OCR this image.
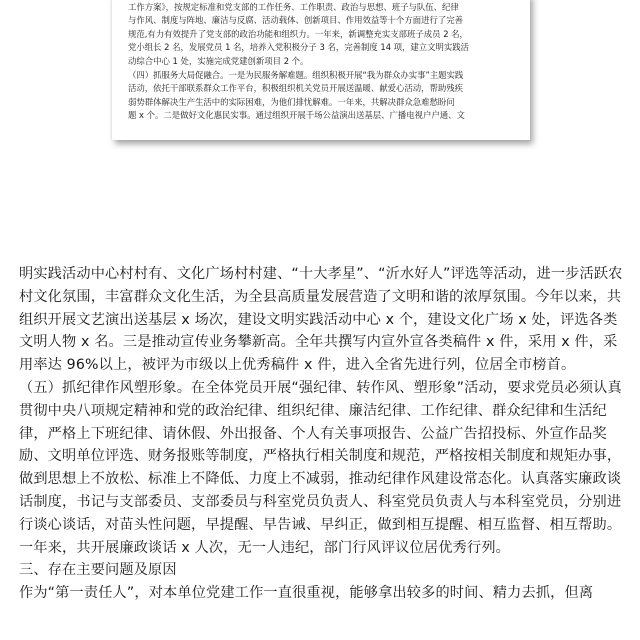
工作方案》，按规定标准和党支部的工作任务、工作职责、政治与思想、班子与队伍、纪律

与作风、制度与阵地、廉洁与反腐、活动载体、创新项目、作用效益等十个方面进行了完善

规范,有力有效提升了党支部的政治功能和组织力。一年来，新调整充实支部班子成员 2 名，

党小组长 2 名，发展党员 1 名，培养入党积极分子 3 名，完善制度 14 项，建立文明实践活

动综合中心 1 处，实施完成党建创新项目 2 个。

（四）抓服务大局促融合。一是为民服务解难题。组织积极开展“我为群众办实事”主题实践

活动，依托干部联系群众工作平台，积极组织机关党员开展送温暖、献爱心活动，帮助残疾

弱势群体解决生产生活中的实际困难，为他们排忧解难。一年来，共解决群众急难愁盼问

题 x 个。二是做好文化惠民实事。通过组织开展千场公益演出送基层、广播电视户户通、文

明实践活动中心村村有、文化广场村村建、“十大孝星”、“沂水好人”评选等活动，进一步活跃农村文化氛围，丰富群众文化生活，为全县高质量发展营造了文明和谐的浓厚氛围。今年以来，共组织开展文艺演出送基层 x 场次，建设文明实践活动中心 x 个，建设文化广场 x 处，评选各类文明人物 x 名。三是推动宣传业务攀新高。全年共撰写内宣外宣各类稿件 x 件，采用 x 件，采用率达 96%以上，被评为市级以上优秀稿件 x 件，进入全省先进行列，位居全市榜首。

（五）抓纪律作风塑形象。在全体党员开展“强纪律、转作风、塑形象”活动，要求党员必须认真贯彻中央八项规定精神和党的政治纪律、组织纪律、廉洁纪律、工作纪律、群众纪律和生活纪律，严格上下班纪律、请休假、外出报备、个人有关事项报告、公益广告招投标、外宣作品奖励、文明单位评选、财务报账等制度，严格执行相关制度和规范，严格按相关制度和规矩办事，做到思想上不放松、标准上不降低、力度上不减弱，推动纪律作风建设常态化。认真落实廉政谈话制度，书记与支部委员、支部委员与科室党员负责人、科室党员负责人与本科室党员，分别进行谈心谈话，对苗头性问题，早提醒、早告诫、早纠正，做到相互提醒、相互监督、相互帮助。一年来，共开展廉政谈话 x 人次，无一人违纪，部门行风评议位居优秀行列。

三、存在主要问题及原因

作为“第一责任人”，对本单位党建工作一直很重视，能够拿出较多的时间、精力去抓，但离
